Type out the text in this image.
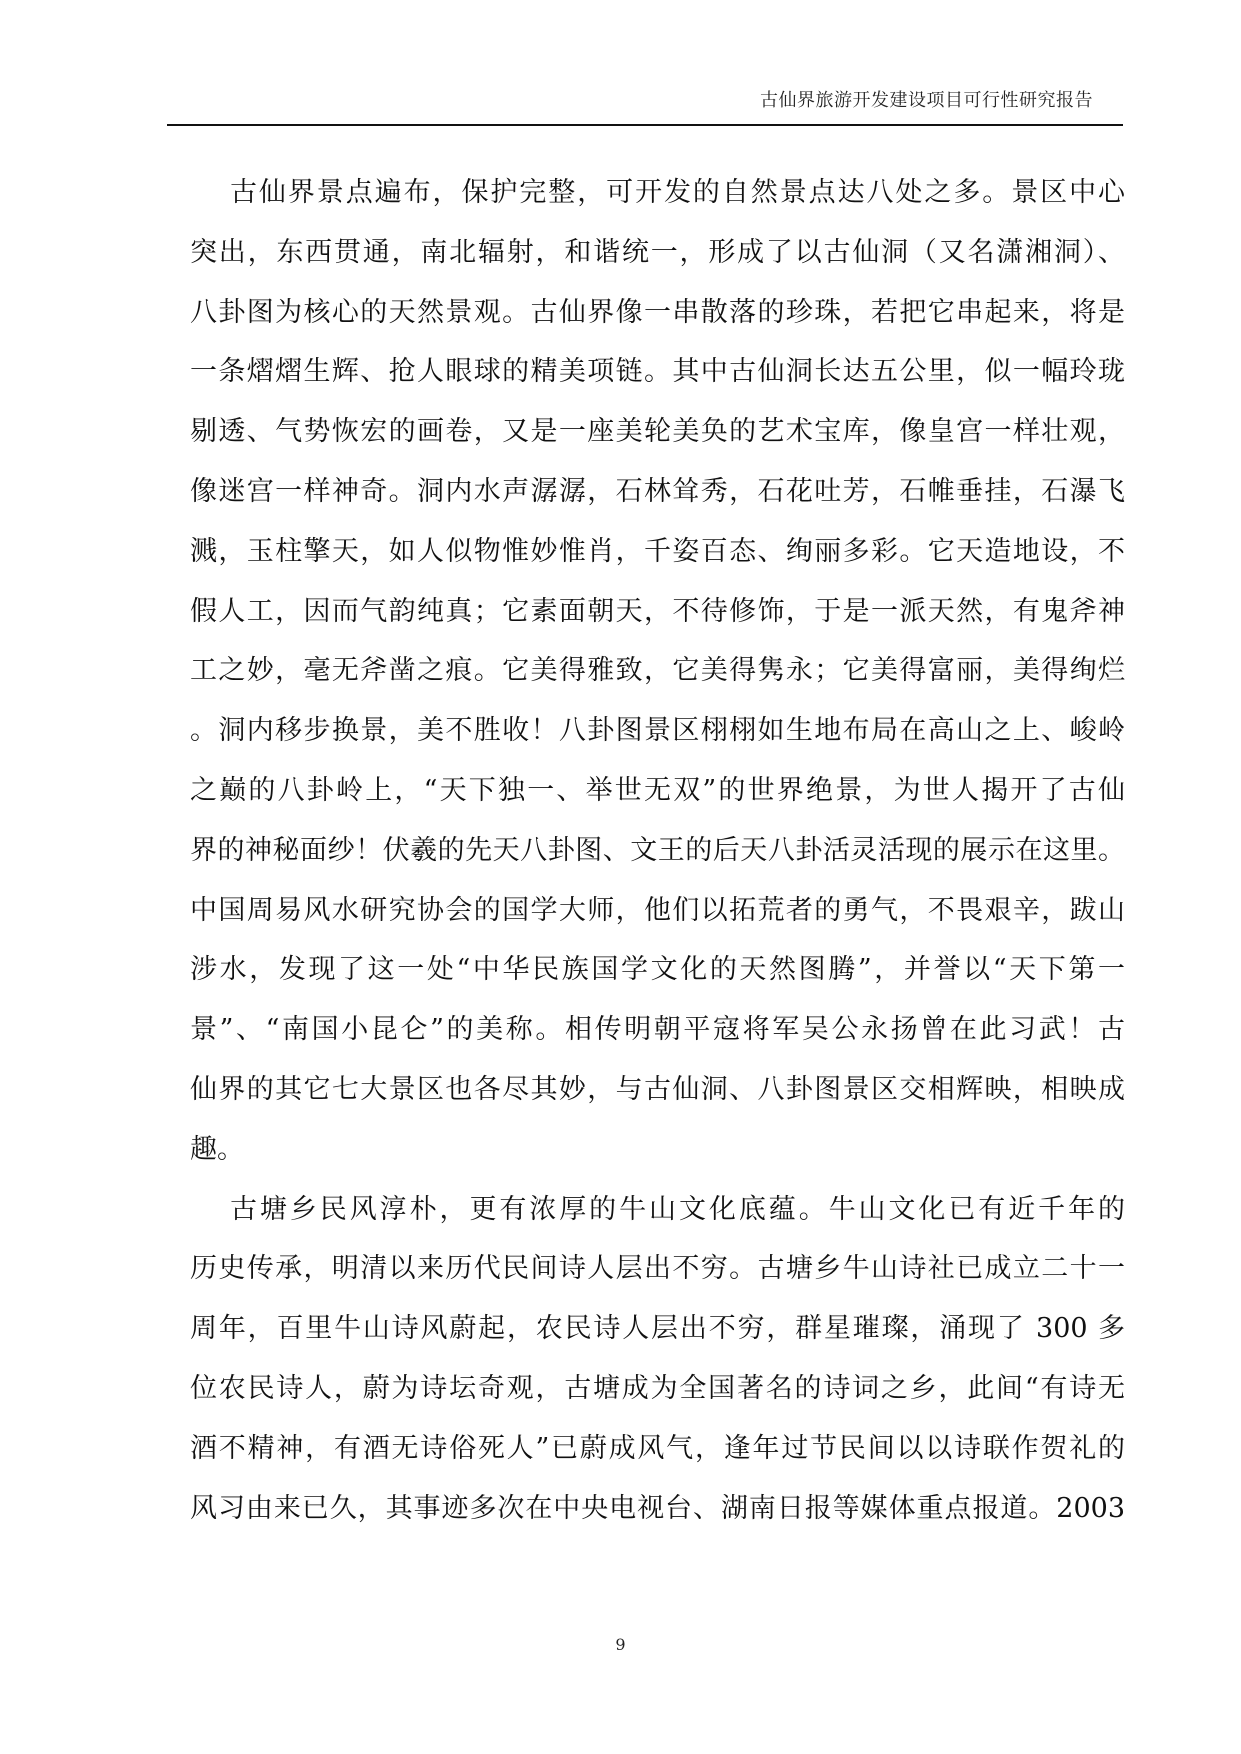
古仙界旅游开发建设项目可行性研究报告
古仙界景点遍布，保护完整，可开发的自然景点达八处之多。景区中心
突出，东西贯通，南北辐射，和谐统一，形成了以古仙洞（又名潇湘洞）、
八卦图为核心的天然景观。古仙界像一串散落的珍珠，若把它串起来，将是
一条熠熠生辉、抢人眼球的精美项链。其中古仙洞长达五公里，似一幅玲珑
剔透、气势恢宏的画卷，又是一座美轮美奂的艺术宝库，像皇宫一样壮观，
像迷宫一样神奇。洞内水声潺潺，石林耸秀，石花吐芳，石帷垂挂，石瀑飞
溅，玉柱擎天，如人似物惟妙惟肖，千姿百态、绚丽多彩。它天造地设，不
假人工，因而气韵纯真；它素面朝天，不待修饰，于是一派天然，有鬼斧神
工之妙，毫无斧凿之痕。它美得雅致，它美得隽永；它美得富丽，美得绚烂
。洞内移步换景，美不胜收！八卦图景区栩栩如生地布局在高山之上、峻岭
之巅的八卦岭上，“天下独一、举世无双”的世界绝景，为世人揭开了古仙
界的神秘面纱！伏羲的先天八卦图、文王的后天八卦活灵活现的展示在这里。
中国周易风水研究协会的国学大师，他们以拓荒者的勇气，不畏艰辛，跋山
涉水，发现了这一处“中华民族国学文化的天然图腾”，并誉以“天下第一
景”、“南国小昆仑”的美称。相传明朝平寇将军吴公永扬曾在此习武！古
仙界的其它七大景区也各尽其妙，与古仙洞、八卦图景区交相辉映，相映成
趣。
古塘乡民风淳朴，更有浓厚的牛山文化底蕴。牛山文化已有近千年的
历史传承，明清以来历代民间诗人层出不穷。古塘乡牛山诗社已成立二十一
周年，百里牛山诗风蔚起，农民诗人层出不穷，群星璀璨，涌现了 300 多
位农民诗人，蔚为诗坛奇观，古塘成为全国著名的诗词之乡，此间“有诗无
酒不精神，有酒无诗俗死人”已蔚成风气，逢年过节民间以以诗联作贺礼的
风习由来已久，其事迹多次在中央电视台、湖南日报等媒体重点报道。2003
9
